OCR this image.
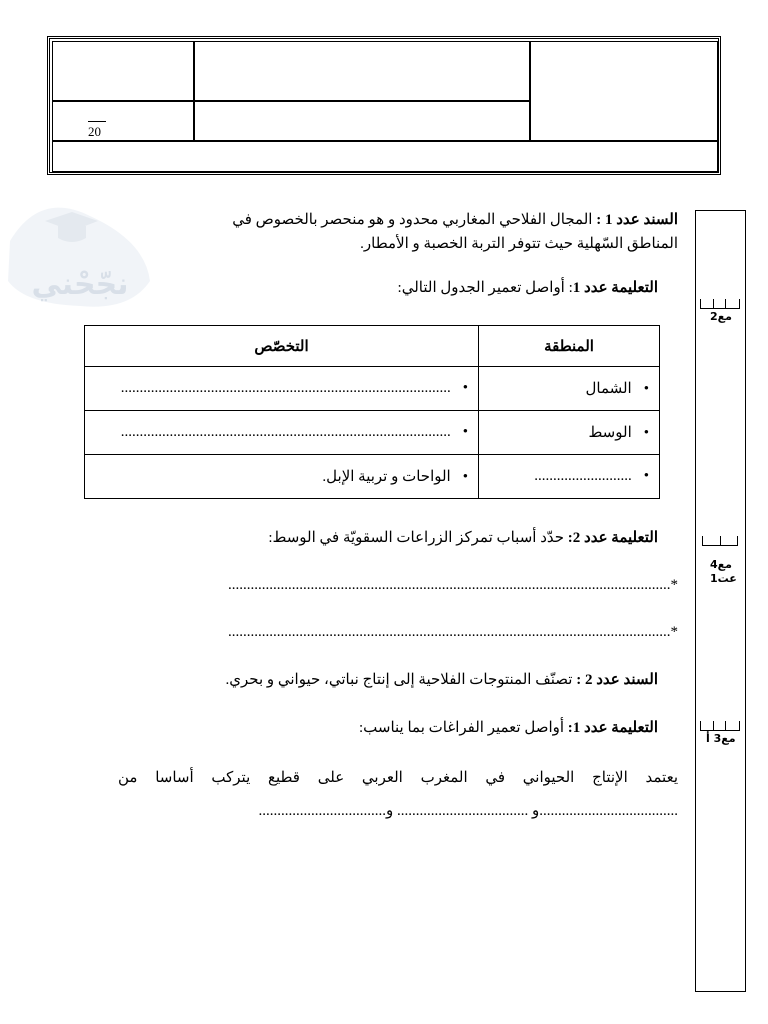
20
نجّحْني
مع2
مع4
عت1
مع3 أ
السند عدد 1 : المجال الفلاحي المغاربي محدود و هو منحصر بالخصوص في
المناطق السّهلية حيث تتوفر التربة الخصبة و الأمطار.
التعليمة عدد 1: أواصل تعمير الجدول التالي:
المنطقة	التخصّص
• الشمال	• ........................................................................................
• الوسط	• ........................................................................................
• ..........................	• الواحات و تربية الإبل.
التعليمة عدد 2: حدّد أسباب تمركز الزراعات السقويّة في الوسط:
*......................................................................................................................
*......................................................................................................................
السند عدد 2 : تصنّف المنتوجات الفلاحية إلى إنتاج نباتي، حيواني و بحري.
التعليمة عدد 1: أواصل تعمير الفراغات بما يناسب:
يعتمد الإنتاج الحيواني في المغرب العربي على قطيع يتركب أساسا من
.....................................و ................................... و..................................
